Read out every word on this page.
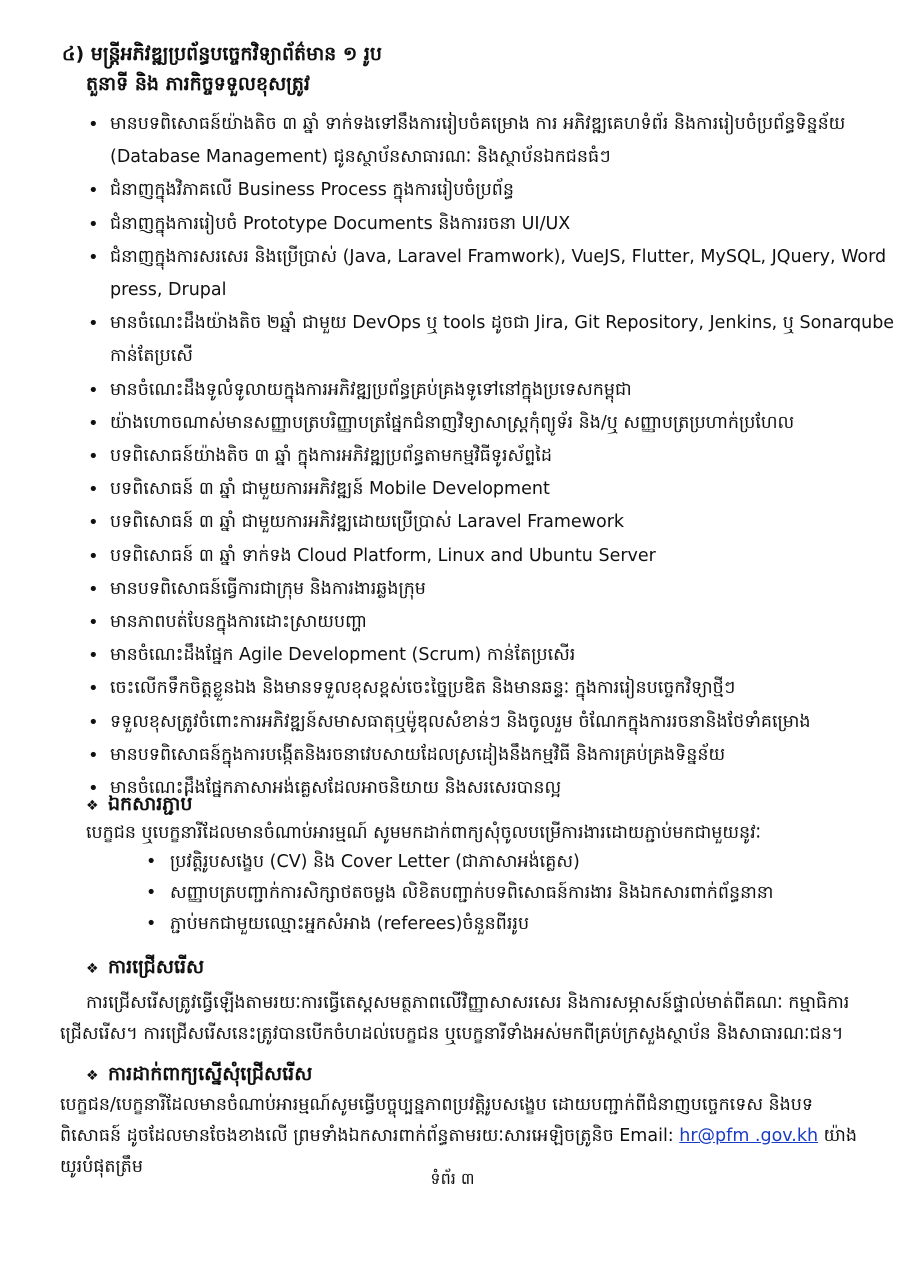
៤) មន្ត្រីអភិវឌ្ឍប្រព័ន្ធបច្ចេកវិទ្យាព័ត៌មាន ១ រូប
តួនាទី និង ភារកិច្ចទទួលខុសត្រូវ
• មានបទពិសោធន៍យ៉ាងតិច ៣ ឆ្នាំ ទាក់ទងទៅនឹងការរៀបចំគម្រោង ការ អភិវឌ្ឍគេហទំព័រ និងការរៀបចំប្រព័ន្ធទិន្នន័យ
(Database Management) ជូនស្ថាប័នសាធារណៈ និងស្ថាប័នឯកជនធំៗ
• ជំនាញក្នុងវិភាគលើ Business Process ក្នុងការរៀបចំប្រព័ន្ធ
• ជំនាញក្នុងការរៀបចំ Prototype Documents និងការរចនា UI/UX
• ជំនាញក្នុងការសរសេរ និងប្រើប្រាស់ (Java, Laravel Framwork), VueJS, Flutter, MySQL, JQuery, Word
press, Drupal
• មានចំណេះដឹងយ៉ាងតិច ២ឆ្នាំ ជាមួយ DevOps ឬ tools ដូចជា Jira, Git Repository, Jenkins, ឬ Sonarqube
កាន់តែប្រសើ
• មានចំណេះដឹងទូលំទូលាយក្នុងការអភិវឌ្ឍប្រព័ន្ធគ្រប់គ្រងទូទៅនៅក្នុងប្រទេសកម្ពុជា
• យ៉ាងហោចណាស់មានសញ្ញាបត្របរិញ្ញាបត្រផ្នែកជំនាញវិទ្យាសាស្ត្រកុំព្យូទ័រ និង/ឬ សញ្ញាបត្រប្រហាក់ប្រហែល
• បទពិសោធន៍យ៉ាងតិច ៣ ឆ្នាំ ក្នុងការអភិវឌ្ឍប្រព័ន្ធតាមកម្មវិធីទូរស័ព្ទដៃ
• បទពិសោធន៍ ៣ ឆ្នាំ ជាមួយការអភិវឌ្ឍន៍ Mobile Development
• បទពិសោធន៍ ៣ ឆ្នាំ ជាមួយការអភិវឌ្ឍដោយប្រើប្រាស់ Laravel Framework
• បទពិសោធន៍ ៣ ឆ្នាំ ទាក់ទង Cloud Platform, Linux and Ubuntu Server
• មានបទពិសោធន៍ធ្វើការជាក្រុម និងការងារឆ្លងក្រុម
• មានភាពបត់បែនក្នុងការដោះស្រាយបញ្ហា
• មានចំណេះដឹងផ្នែក Agile Development (Scrum) កាន់តែប្រសើរ
• ចេះលើកទឹកចិត្តខ្លួនឯង និងមានទទួលខុសខ្ពស់ចេះច្នៃប្រឌិត និងមានឆន្ទៈ ក្នុងការរៀនបច្ចេកវិទ្យាថ្មីៗ
• ទទួលខុសត្រូវចំពោះការអភិវឌ្ឍន៍សមាសធាតុឬម៉ូឌុលសំខាន់ៗ និងចូលរួម ចំណែកក្នុងការរចនានិងថែទាំគម្រោង
• មានបទពិសោធន៍ក្នុងការបង្កើតនិងរចនាវេបសាយដែលស្រដៀងនឹងកម្មវិធី និងការគ្រប់គ្រងទិន្នន័យ
• មានចំណេះដឹងផ្នែកភាសាអង់គ្លេសដែលអាចនិយាយ និងសរសេរបានល្អ
❖ ឯកសារភ្ជាប់
បេក្ខជន ឬបេក្ខនារីដែលមានចំណាប់អារម្មណ៍ សូមមកដាក់ពាក្យសុំចូលបម្រើការងារដោយភ្ជាប់មកជាមួយនូវៈ
• ប្រវត្តិរូបសង្ខេប (CV) និង Cover Letter (ជាភាសាអង់គ្លេស)
• សញ្ញាបត្របញ្ជាក់ការសិក្សាថតចម្លង លិខិតបញ្ជាក់បទពិសោធន៍ការងារ និងឯកសារពាក់ព័ន្ធនានា
• ភ្ជាប់មកជាមួយឈ្មោះអ្នកសំអាង (referees)ចំនួនពីររូប
❖ ការជ្រើសរើស
ការជ្រើសរើសត្រូវធ្វើឡើងតាមរយៈការធ្វើតេស្តសមត្ថភាពលើវិញ្ញាសាសរសេរ និងការសម្ភាសន៍ផ្ទាល់មាត់ពីគណៈ កម្មាធិការ
ជ្រើសរើស។ ការជ្រើសរើសនេះត្រូវបានបើកចំហដល់បេក្ខជន ឬបេក្ខនារីទាំងអស់មកពីគ្រប់ក្រសួងស្ថាប័ន និងសាធារណៈជន។
❖ ការដាក់ពាក្យស្នើសុំជ្រើសរើស
បេក្ខជន/បេក្ខនារីដែលមានចំណាប់អារម្មណ៍សូមធ្វើបច្ចុប្បន្នភាពប្រវត្តិរូបសង្ខេប ដោយបញ្ជាក់ពីជំនាញបច្ចេកទេស និងបទ
ពិសោធន៍ ដូចដែលមានចែងខាងលើ ព្រមទាំងឯកសារពាក់ព័ន្ធតាមរយៈសារអេឡិចត្រូនិច Email: hr@pfm .gov.kh យ៉ាងយូរបំផុតត្រឹម
ទំព័រ ៣
